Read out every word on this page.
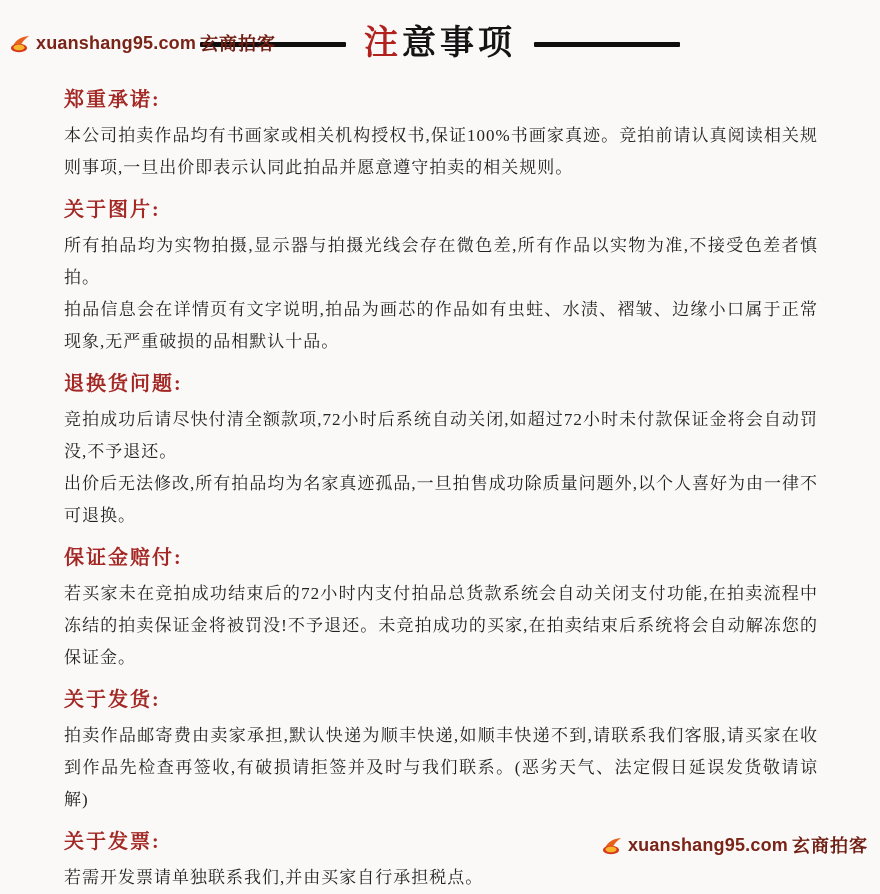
xuanshang95.com 玄商拍客	注意事项
郑重承诺:

本公司拍卖作品均有书画家或相关机构授权书,保证100%书画家真迹。竞拍前请认真阅读相关规则事项,一旦出价即表示认同此拍品并愿意遵守拍卖的相关规则。

关于图片:

所有拍品均为实物拍摄,显示器与拍摄光线会存在微色差,所有作品以实物为准,不接受色差者慎拍。

拍品信息会在详情页有文字说明,拍品为画芯的作品如有虫蛀、水渍、褶皱、边缘小口属于正常现象,无严重破损的品相默认十品。

退换货问题:

竞拍成功后请尽快付清全额款项,72小时后系统自动关闭,如超过72小时未付款保证金将会自动罚没,不予退还。

出价后无法修改,所有拍品均为名家真迹孤品,一旦拍售成功除质量问题外,以个人喜好为由一律不可退换。

保证金赔付:

若买家未在竞拍成功结束后的72小时内支付拍品总货款系统会自动关闭支付功能,在拍卖流程中冻结的拍卖保证金将被罚没!不予退还。未竞拍成功的买家,在拍卖结束后系统将会自动解冻您的保证金。

关于发货:

拍卖作品邮寄费由卖家承担,默认快递为顺丰快递,如顺丰快递不到,请联系我们客服,请买家在收到作品先检查再签收,有破损请拒签并及时与我们联系。(恶劣天气、法定假日延误发货敬请谅解)

关于发票:

若需开发票请单独联系我们,并由买家自行承担税点。

xuanshang95.com 玄商拍客
